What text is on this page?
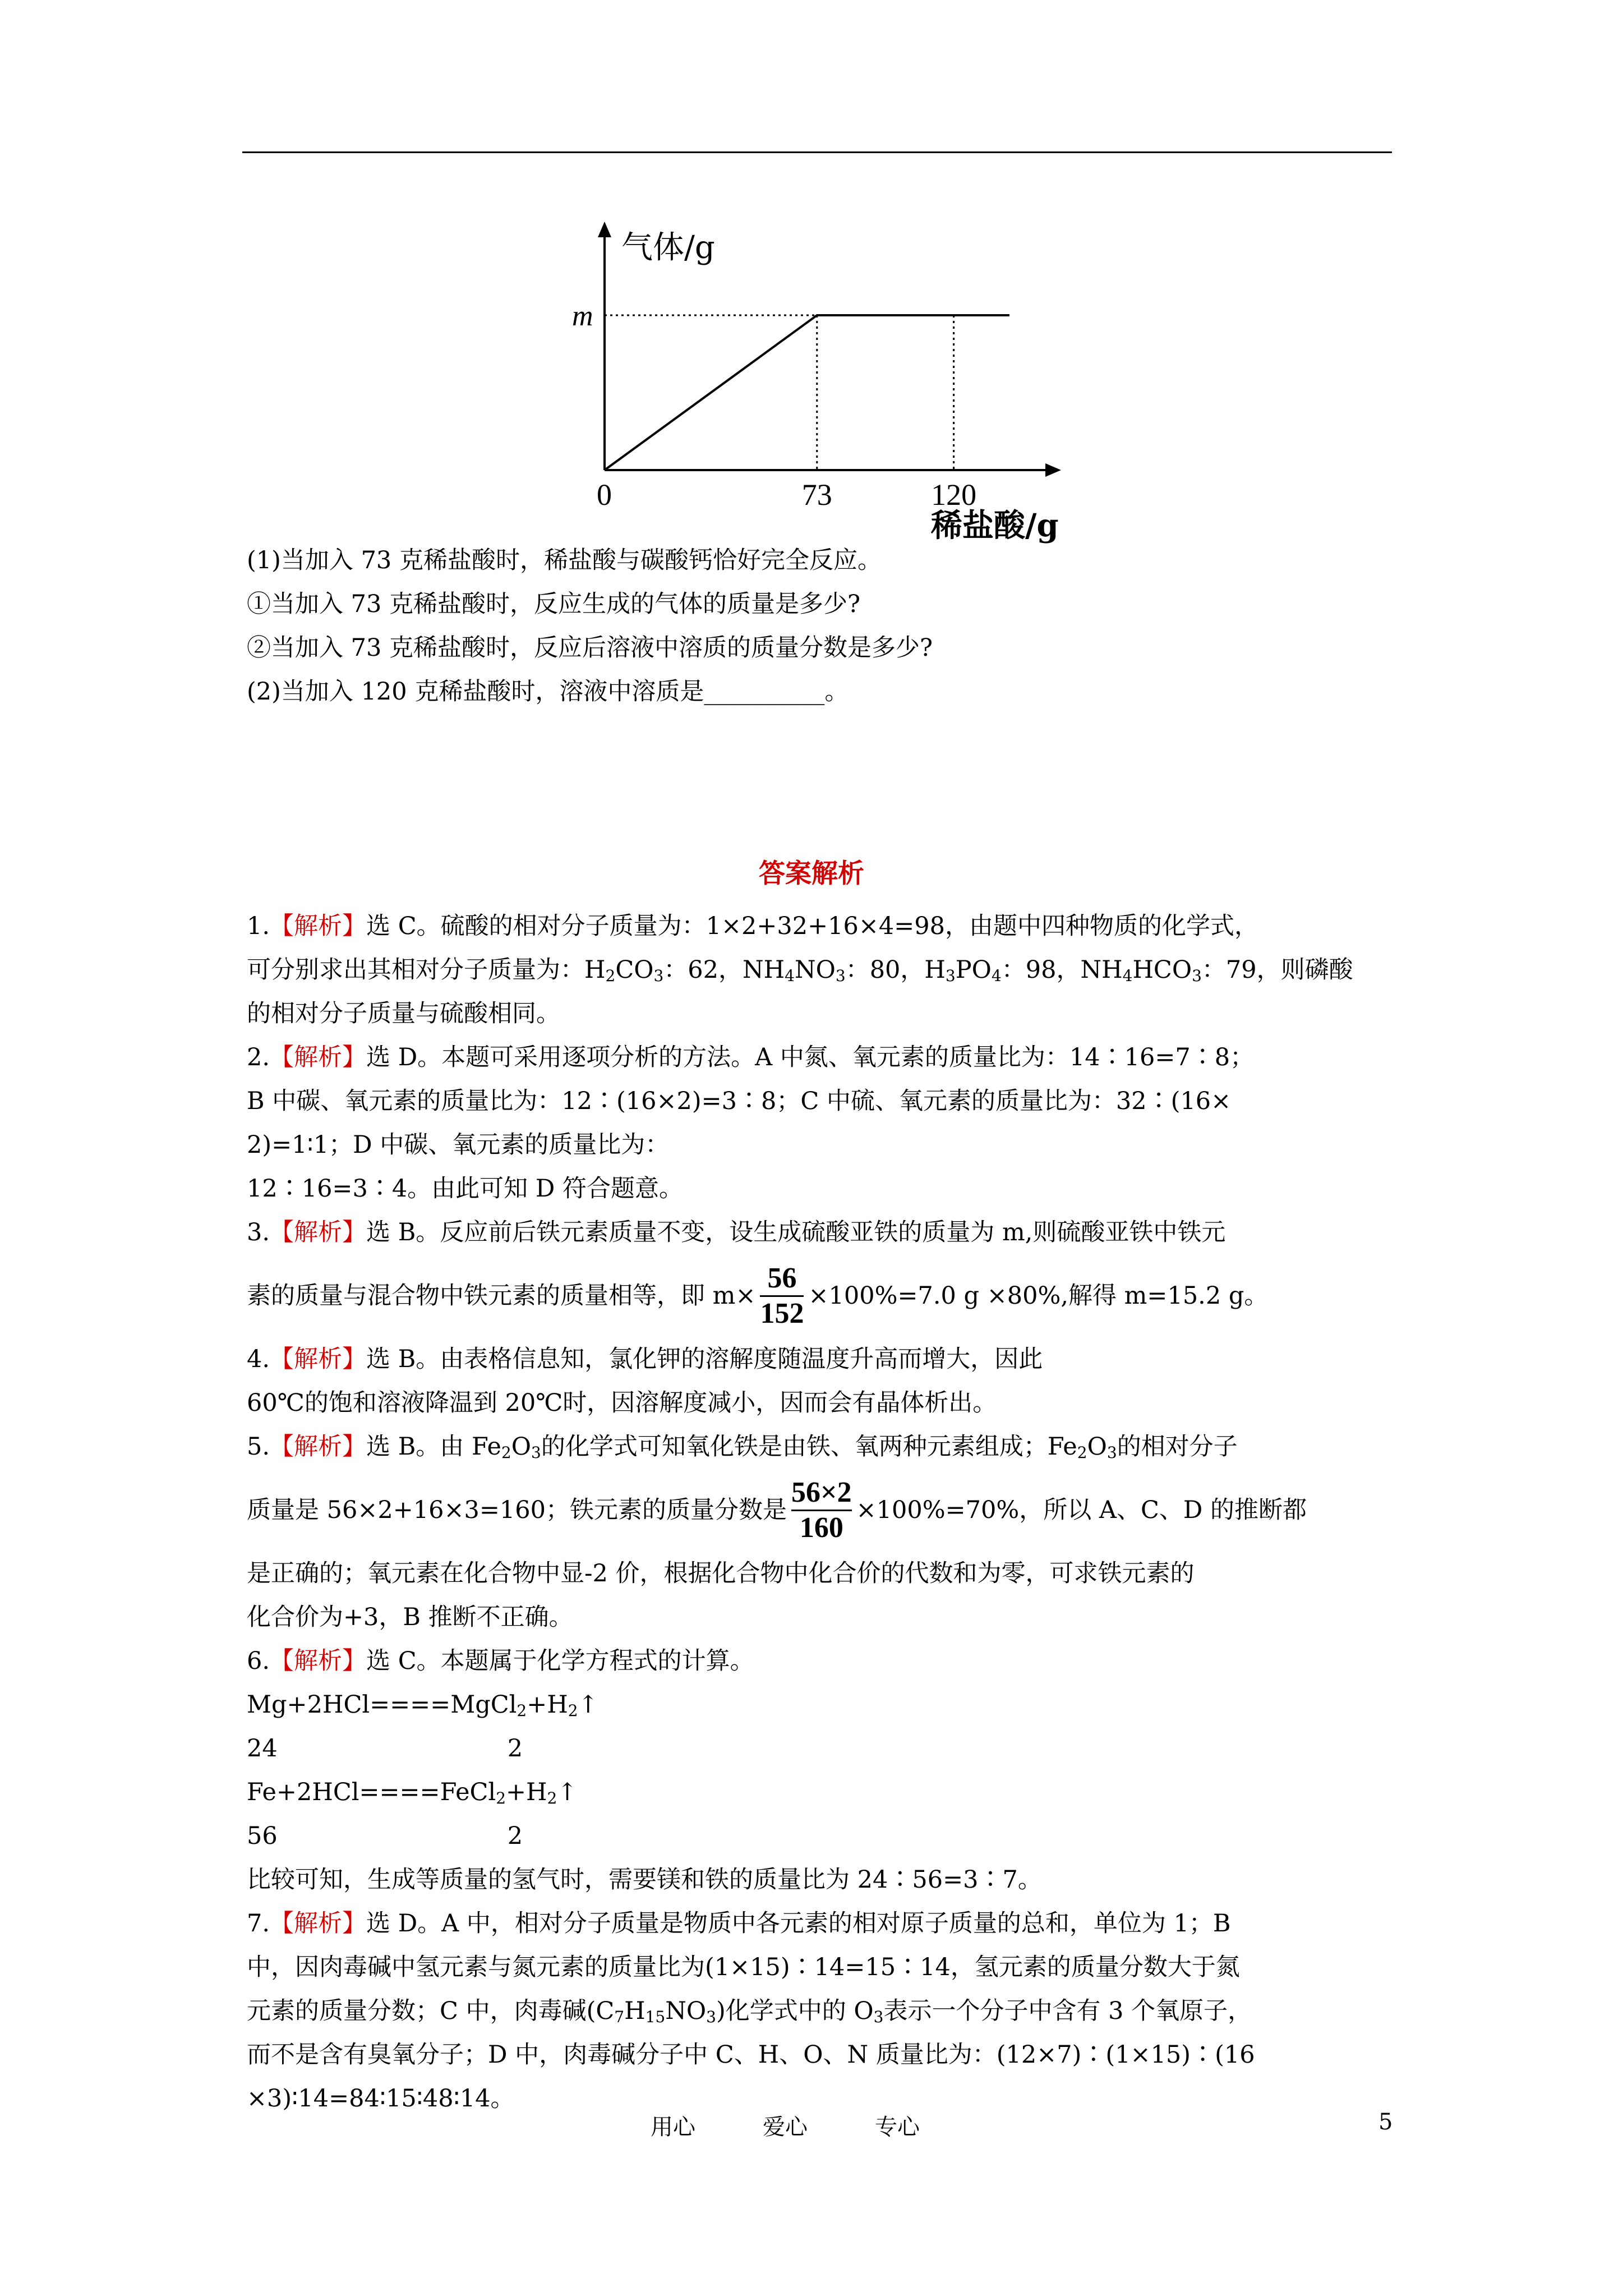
气体/g
m
0	73	120
稀盐酸/g
(1)当加入 73 克稀盐酸时，稀盐酸与碳酸钙恰好完全反应。
①当加入 73 克稀盐酸时，反应生成的气体的质量是多少?
②当加入 73 克稀盐酸时，反应后溶液中溶质的质量分数是多少?
(2)当加入 120 克稀盐酸时，溶液中溶质是__________。
答案解析
1.【解析】选 C。硫酸的相对分子质量为：1×2+32+16×4=98，由题中四种物质的化学式，
可分别求出其相对分子质量为：$H_2CO_3$：62，$NH_4NO_3$：80，$H_3PO_4$：98，$NH_4HCO_3$：79，则磷酸
的相对分子质量与硫酸相同。
2.【解析】选 D。本题可采用逐项分析的方法。A 中氮、氧元素的质量比为：14∶16=7∶8；
B 中碳、氧元素的质量比为：12∶(16×2)=3∶8；C 中硫、氧元素的质量比为：32∶(16×
2)=1∶1；D 中碳、氧元素的质量比为：
12∶16=3∶4。由此可知 D 符合题意。
3.【解析】选 B。反应前后铁元素质量不变，设生成硫酸亚铁的质量为 m,则硫酸亚铁中铁元
素的质量与混合物中铁元素的质量相等，即 $m\times \frac{56}{152} \times 100\%=7.0$ g ×80%,解得 m=15.2 g。
4.【解析】选 B。由表格信息知，氯化钾的溶解度随温度升高而增大，因此
60℃的饱和溶液降温到 20℃时，因溶解度减小，因而会有晶体析出。
5.【解析】选 B。由 $Fe_2O_3$的化学式可知氧化铁是由铁、氧两种元素组成；$Fe_2O_3$的相对分子
质量是 56×2+16×3=160；铁元素的质量分数是 $\frac{56\times 2}{160} \times 100\%=70\%$，所以 A、C、D 的推断都
是正确的；氧元素在化合物中显-2 价，根据化合物中化合价的代数和为零，可求铁元素的
化合价为+3，B 推断不正确。
6.【解析】选 C。本题属于化学方程式的计算。
$Mg+2HCl====MgCl_2+H_2↑$
24	2
$Fe+2HCl====FeCl_2+H_2↑$
56	2
比较可知，生成等质量的氢气时，需要镁和铁的质量比为 24∶56=3∶7。
7.【解析】选 D。A 中，相对分子质量是物质中各元素的相对原子质量的总和，单位为 1；B
中，因肉毒碱中氢元素与氮元素的质量比为(1×15)∶14=15∶14，氢元素的质量分数大于氮
元素的质量分数；C 中，肉毒碱$(C_7H_{15}NO_3)$化学式中的 $O_3$表示一个分子中含有 3 个氧原子，
而不是含有臭氧分子；D 中，肉毒碱分子中 C、H、O、N 质量比为：(12×7)∶(1×15)∶(16
×3)∶14=84∶15∶48∶14。
用心	爱心	专心	5
